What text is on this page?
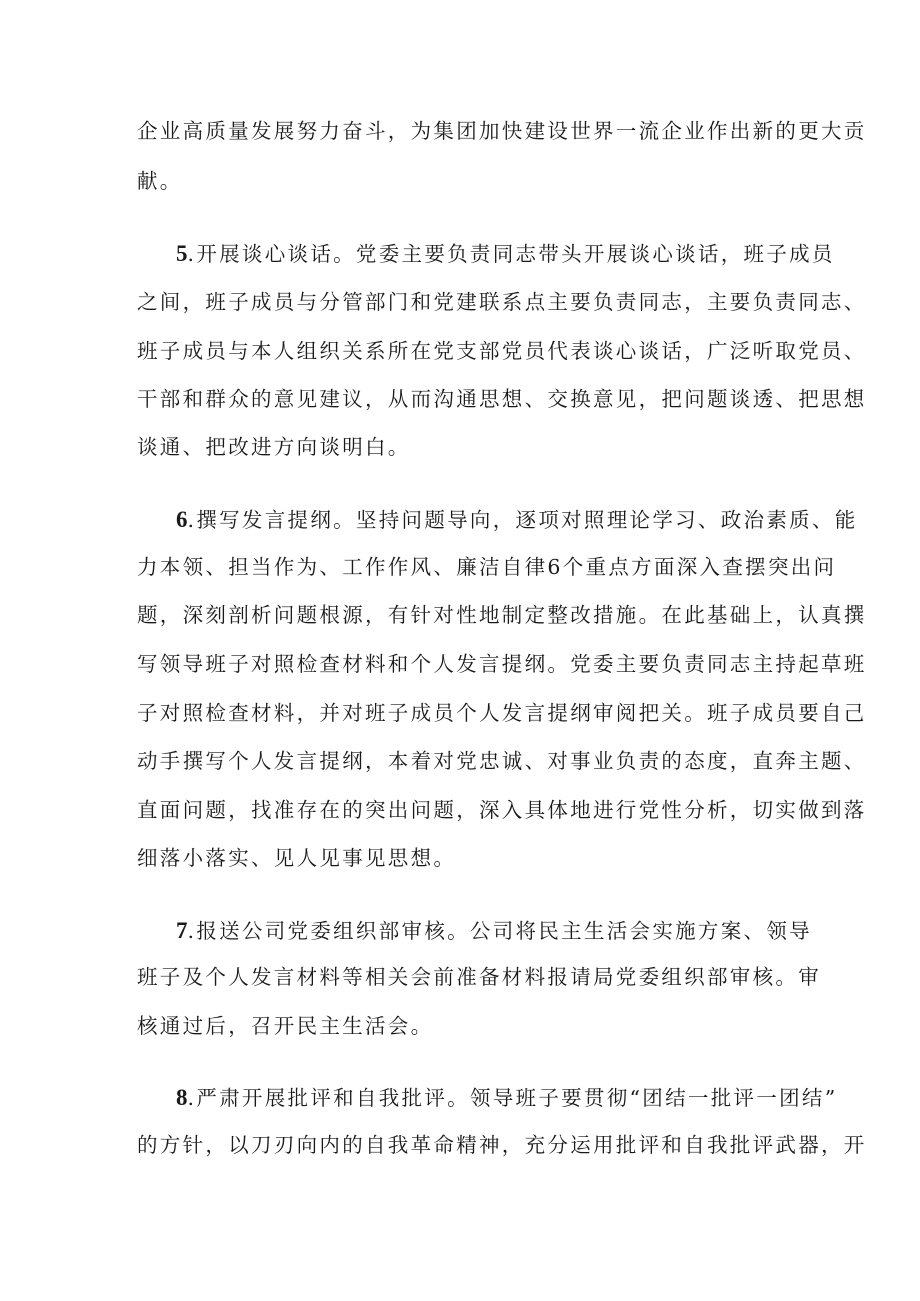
企业高质量发展努力奋斗，为集团加快建设世界一流企业作出新的更大贡
献。
5.开展谈心谈话。党委主要负责同志带头开展谈心谈话，班子成员
之间，班子成员与分管部门和党建联系点主要负责同志，主要负责同志、
班子成员与本人组织关系所在党支部党员代表谈心谈话，广泛听取党员、
干部和群众的意见建议，从而沟通思想、交换意见，把问题谈透、把思想
谈通、把改进方向谈明白。
6.撰写发言提纲。坚持问题导向，逐项对照理论学习、政治素质、能
力本领、担当作为、工作作风、廉洁自律6个重点方面深入查摆突出问
题，深刻剖析问题根源，有针对性地制定整改措施。在此基础上，认真撰
写领导班子对照检查材料和个人发言提纲。党委主要负责同志主持起草班
子对照检查材料，并对班子成员个人发言提纲审阅把关。班子成员要自己
动手撰写个人发言提纲，本着对党忠诚、对事业负责的态度，直奔主题、
直面问题，找准存在的突出问题，深入具体地进行党性分析，切实做到落
细落小落实、见人见事见思想。
7.报送公司党委组织部审核。公司将民主生活会实施方案、领导
班子及个人发言材料等相关会前准备材料报请局党委组织部审核。审
核通过后，召开民主生活会。
8.严肃开展批评和自我批评。领导班子要贯彻“团结一批评一团结”
的方针，以刀刃向内的自我革命精神，充分运用批评和自我批评武器，开
